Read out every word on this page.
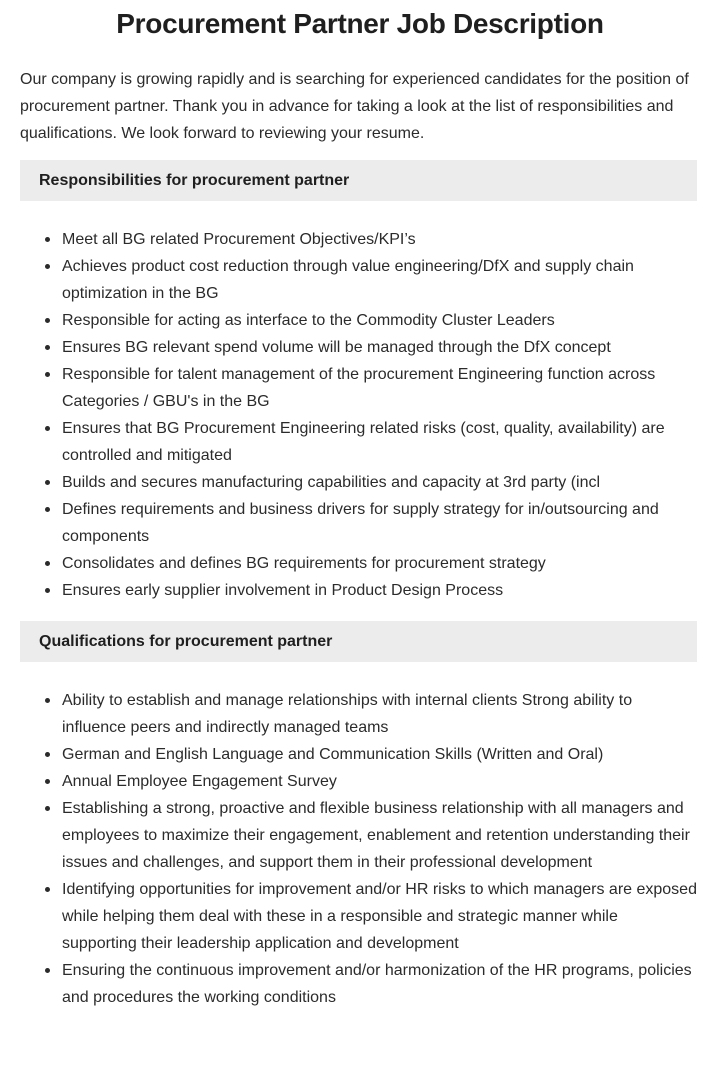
Procurement Partner Job Description

Our company is growing rapidly and is searching for experienced candidates for the position of procurement partner. Thank you in advance for taking a look at the list of responsibilities and qualifications. We look forward to reviewing your resume.

Responsibilities for procurement partner
Meet all BG related Procurement Objectives/KPI’s
Achieves product cost reduction through value engineering/DfX and supply chain optimization in the BG
Responsible for acting as interface to the Commodity Cluster Leaders
Ensures BG relevant spend volume will be managed through the DfX concept
Responsible for talent management of the procurement Engineering function across Categories / GBU's in the BG
Ensures that BG Procurement Engineering related risks (cost, quality, availability) are controlled and mitigated
Builds and secures manufacturing capabilities and capacity at 3rd party (incl
Defines requirements and business drivers for supply strategy for in/outsourcing and components
Consolidates and defines BG requirements for procurement strategy
Ensures early supplier involvement in Product Design Process
Qualifications for procurement partner
Ability to establish and manage relationships with internal clients Strong ability to influence peers and indirectly managed teams
German and English Language and Communication Skills (Written and Oral)
Annual Employee Engagement Survey
Establishing a strong, proactive and flexible business relationship with all managers and employees to maximize their engagement, enablement and retention understanding their issues and challenges, and support them in their professional development
Identifying opportunities for improvement and/or HR risks to which managers are exposed while helping them deal with these in a responsible and strategic manner while supporting their leadership application and development
Ensuring the continuous improvement and/or harmonization of the HR programs, policies and procedures the working conditions
